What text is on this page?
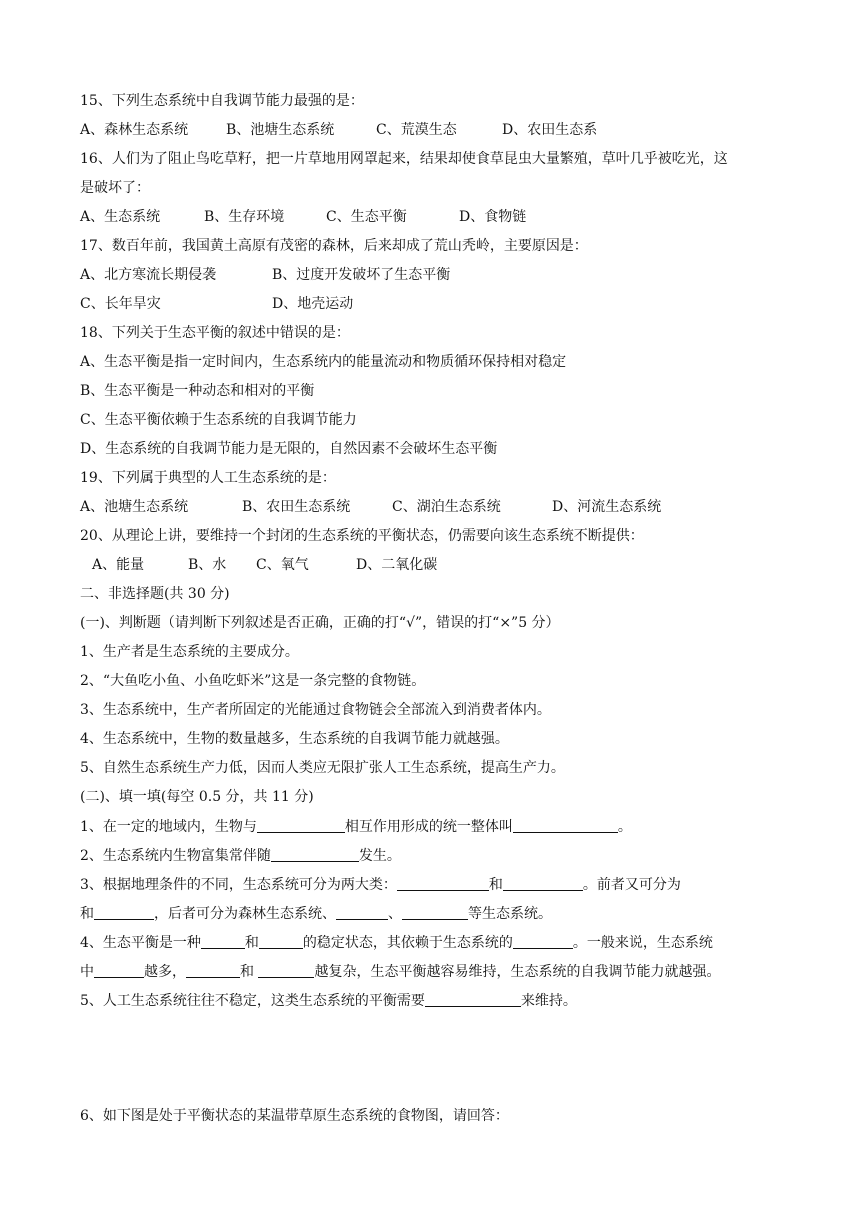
15、下列生态系统中自我调节能力最强的是：
A、森林生态系统	B、池塘生态系统	C、荒漠生态	D、农田生态系
16、人们为了阻止鸟吃草籽，把一片草地用网罩起来，结果却使食草昆虫大量繁殖，草叶几乎被吃光，这
是破坏了：
A、生态系统	B、生存环境	C、生态平衡	D、食物链
17、数百年前，我国黄土高原有茂密的森林，后来却成了荒山秃岭，主要原因是：
A、北方寒流长期侵袭	B、过度开发破坏了生态平衡
C、长年旱灾	D、地壳运动
18、下列关于生态平衡的叙述中错误的是：
A、生态平衡是指一定时间内，生态系统内的能量流动和物质循环保持相对稳定
B、生态平衡是一种动态和相对的平衡
C、生态平衡依赖于生态系统的自我调节能力
D、生态系统的自我调节能力是无限的，自然因素不会破坏生态平衡
19、下列属于典型的人工生态系统的是：
A、池塘生态系统	B、农田生态系统	C、湖泊生态系统	D、河流生态系统
20、从理论上讲，要维持一个封闭的生态系统的平衡状态，仍需要向该生态系统不断提供：
A、能量	B、水 C、氧气	D、二氧化碳
二、非选择题(共 30 分)
(一)、判断题（请判断下列叙述是否正确，正确的打“√”，错误的打“×”5 分）
1、生产者是生态系统的主要成分。
2、“大鱼吃小鱼、小鱼吃虾米”这是一条完整的食物链。
3、生态系统中，生产者所固定的光能通过食物链会全部流入到消费者体内。
4、生态系统中，生物的数量越多，生态系统的自我调节能力就越强。
5、自然生态系统生产力低，因而人类应无限扩张人工生态系统，提高生产力。
(二)、填一填(每空 0.5 分，共 11 分)
1、在一定的地域内，生物与	相互作用形成的统一整体叫	。
2、生态系统内生物富集常伴随	发生。
3、根据地理条件的不同，生态系统可分为两大类：	和	。前者又可分为
和	，后者可分为森林生态系统、	、	等生态系统。
4、生态平衡是一种	和	的稳定状态，其依赖于生态系统的	。一般来说，生态系统
中	越多，	和	越复杂，生态平衡越容易维持，生态系统的自我调节能力就越强。
5、人工生态系统往往不稳定，这类生态系统的平衡需要	来维持。
6、如下图是处于平衡状态的某温带草原生态系统的食物图，请回答：
